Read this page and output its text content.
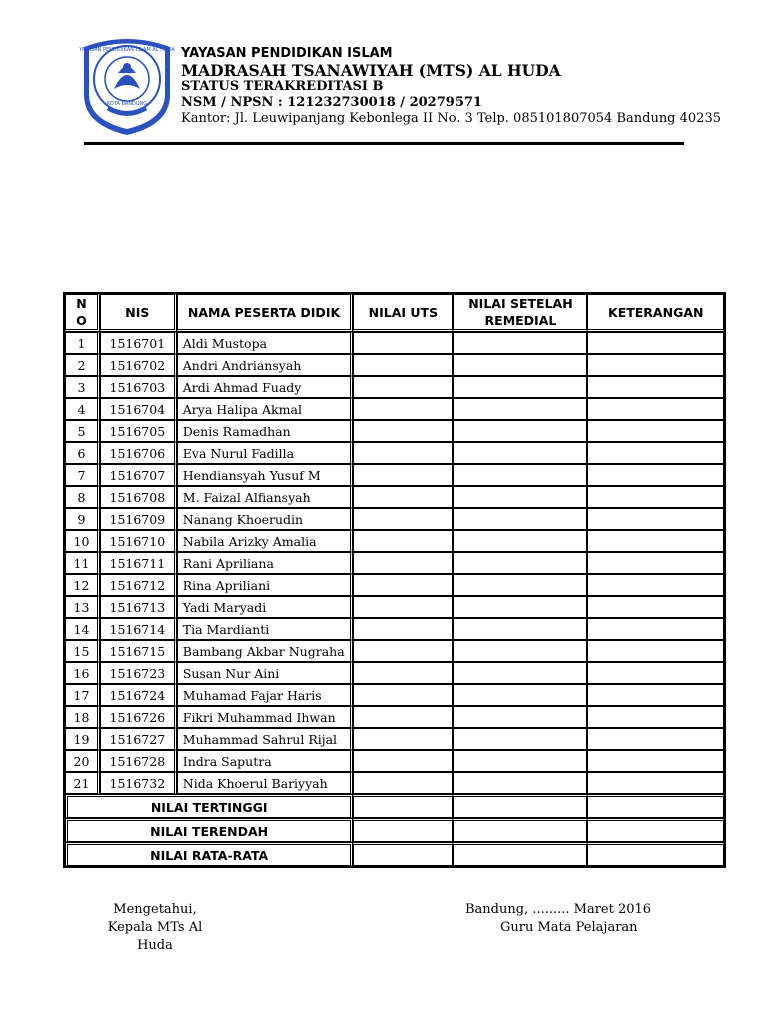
YAYASAN PENDIDIKAN ISLAM AL HUDA
KOTA BANDUNG
YAYASAN PENDIDIKAN ISLAM
MADRASAH TSANAWIYAH (MTS) AL HUDA
STATUS TERAKREDITASI B
NSM / NPSN : 121232730018 / 20279571
Kantor: Jl. Leuwipanjang Kebonlega II No. 3 Telp. 085101807054 Bandung 40235
N O	NIS	NAMA PESERTA DIDIK	NILAI UTS	NILAI SETELAH REMEDIAL	KETERANGAN
1	1516701	Aldi Mustopa			
2	1516702	Andri Andriansyah			
3	1516703	Ardi Ahmad Fuady			
4	1516704	Arya Halipa Akmal			
5	1516705	Denis Ramadhan			
6	1516706	Eva Nurul Fadilla			
7	1516707	Hendiansyah Yusuf M			
8	1516708	M. Faizal Alfiansyah			
9	1516709	Nanang Khoerudin			
10	1516710	Nabila Arizky Amalia			
11	1516711	Rani Apriliana			
12	1516712	Rina Apriliani			
13	1516713	Yadi Maryadi			
14	1516714	Tia Mardianti			
15	1516715	Bambang Akbar Nugraha			
16	1516723	Susan Nur Aini			
17	1516724	Muhamad Fajar Haris			
18	1516726	Fikri Muhammad Ihwan			
19	1516727	Muhammad Sahrul Rijal			
20	1516728	Indra Saputra			
21	1516732	Nida Khoerul Bariyyah			
NILAI TERTINGGI					
NILAI TERENDAH					
NILAI RATA-RATA					
Mengetahui,
Kepala MTs Al Huda
Bandung, ......... Maret 2016
Guru Mata Pelajaran
